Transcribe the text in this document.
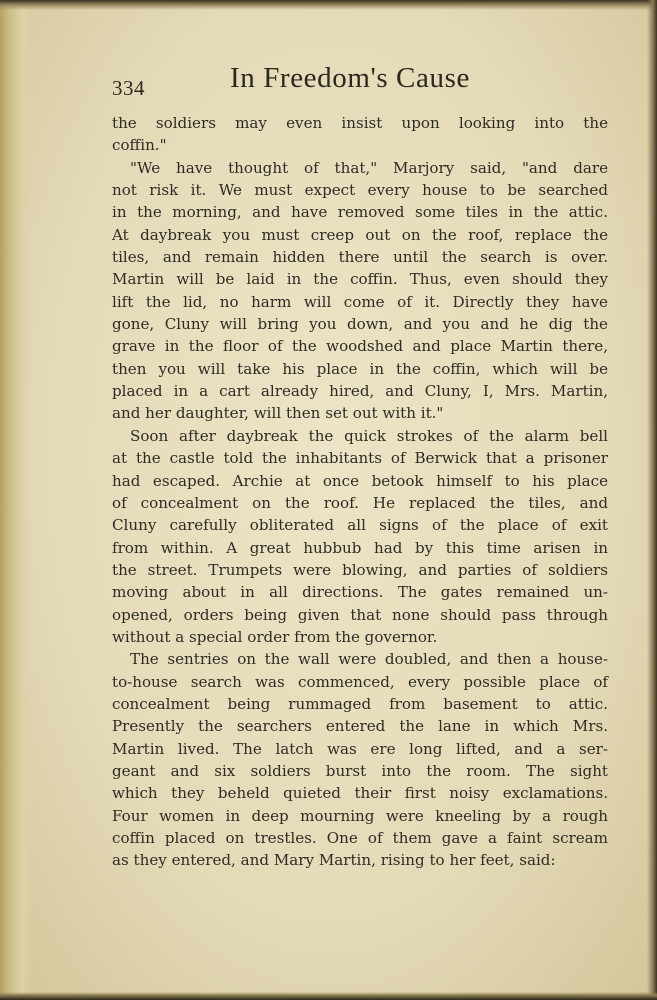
334	In Freedom's Cause
the soldiers may even insist upon looking into the
coffin."
"We have thought of that," Marjory said, "and dare
not risk it. We must expect every house to be searched
in the morning, and have removed some tiles in the attic.
At daybreak you must creep out on the roof, replace the
tiles, and remain hidden there until the search is over.
Martin will be laid in the coffin. Thus, even should they
lift the lid, no harm will come of it. Directly they have
gone, Cluny will bring you down, and you and he dig the
grave in the floor of the woodshed and place Martin there,
then you will take his place in the coffin, which will be
placed in a cart already hired, and Cluny, I, Mrs. Martin,
and her daughter, will then set out with it."
Soon after daybreak the quick strokes of the alarm bell
at the castle told the inhabitants of Berwick that a prisoner
had escaped. Archie at once betook himself to his place
of concealment on the roof. He replaced the tiles, and
Cluny carefully obliterated all signs of the place of exit
from within. A great hubbub had by this time arisen in
the street. Trumpets were blowing, and parties of soldiers
moving about in all directions. The gates remained un-
opened, orders being given that none should pass through
without a special order from the governor.
The sentries on the wall were doubled, and then a house-
to-house search was commenced, every possible place of
concealment being rummaged from basement to attic.
Presently the searchers entered the lane in which Mrs.
Martin lived. The latch was ere long lifted, and a ser-
geant and six soldiers burst into the room. The sight
which they beheld quieted their first noisy exclamations.
Four women in deep mourning were kneeling by a rough
coffin placed on trestles. One of them gave a faint scream
as they entered, and Mary Martin, rising to her feet, said:
